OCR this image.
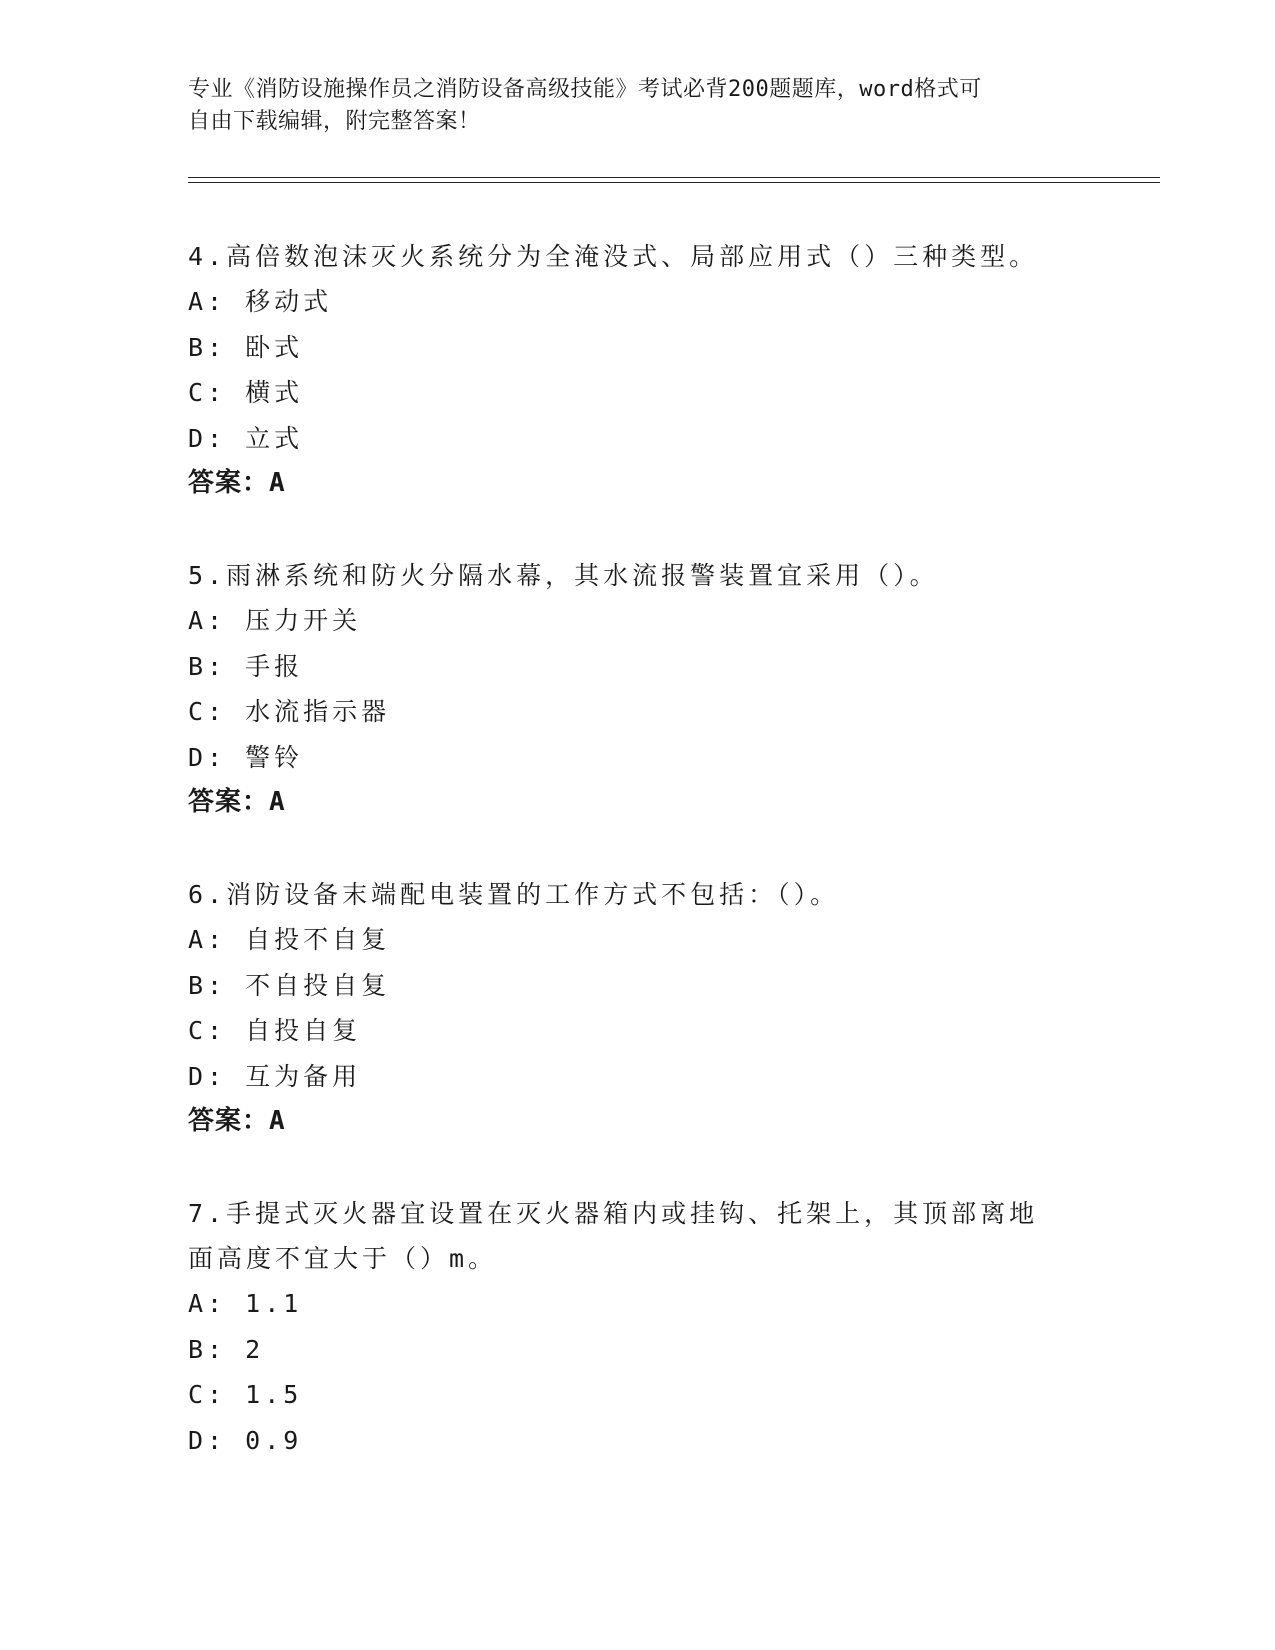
专业《消防设施操作员之消防设备高级技能》考试必背200题题库，word格式可
自由下载编辑，附完整答案！
4.高倍数泡沫灭火系统分为全淹没式、局部应用式（）三种类型。
A: 移动式
B: 卧式
C: 横式
D: 立式
答案：A
5.雨淋系统和防火分隔水幕，其水流报警装置宜采用（）。
A: 压力开关
B: 手报
C: 水流指示器
D: 警铃
答案：A
6.消防设备末端配电装置的工作方式不包括：（）。
A: 自投不自复
B: 不自投自复
C: 自投自复
D: 互为备用
答案：A
7.手提式灭火器宜设置在灭火器箱内或挂钩、托架上，其顶部离地面高度不宜大于（）m。
A: 1.1
B: 2
C: 1.5
D: 0.9
